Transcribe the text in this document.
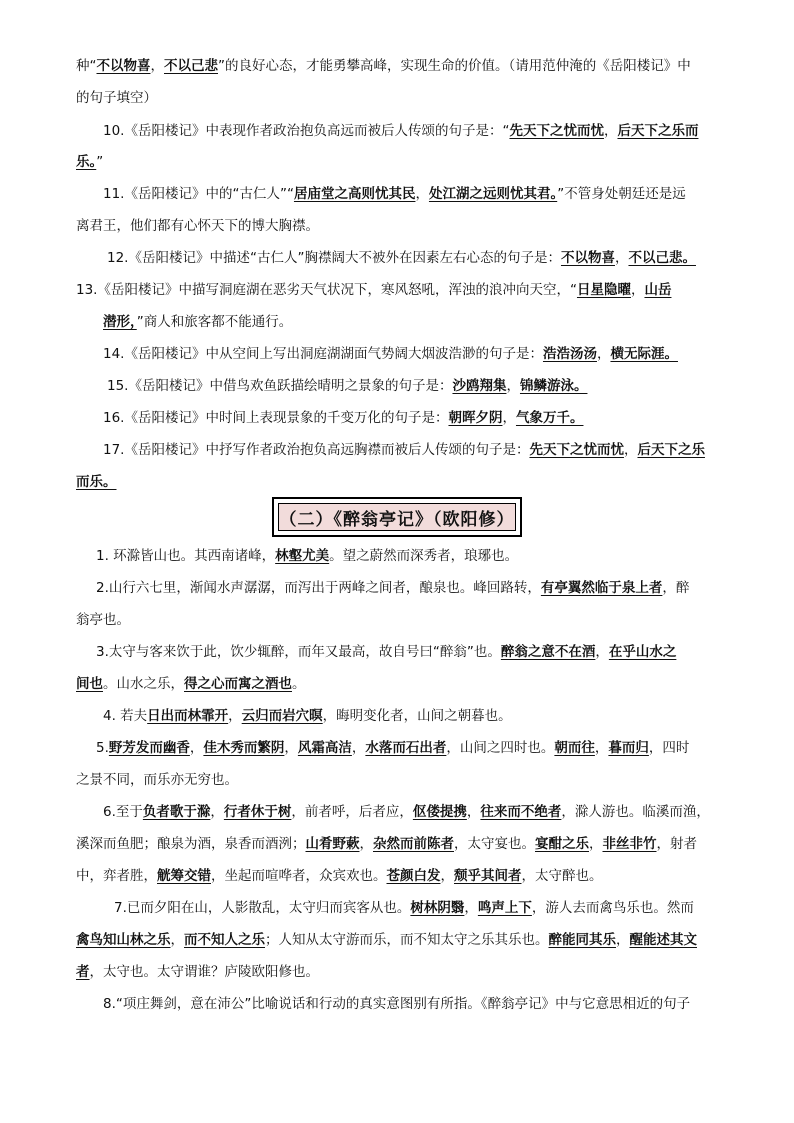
种“不以物喜，不以己悲”的良好心态，才能勇攀高峰，实现生命的价值。（请用范仲淹的《岳阳楼记》中
的句子填空）
10.《岳阳楼记》中表现作者政治抱负高远而被后人传颂的句子是：“先天下之忧而忧，后天下之乐而
乐。”
11.《岳阳楼记》中的“古仁人”“居庙堂之高则忧其民，处江湖之远则忧其君。”不管身处朝廷还是远
离君王，他们都有心怀天下的博大胸襟。
12.《岳阳楼记》中描述“古仁人”胸襟阔大不被外在因素左右心态的句子是：不以物喜，不以己悲。
13.《岳阳楼记》中描写洞庭湖在恶劣天气状况下，寒风怒吼，浑浊的浪冲向天空，“日星隐曜，山岳
潜形，”商人和旅客都不能通行。
14.《岳阳楼记》中从空间上写出洞庭湖湖面气势阔大烟波浩渺的句子是：浩浩汤汤，横无际涯。
15.《岳阳楼记》中借鸟欢鱼跃描绘晴明之景象的句子是：沙鸥翔集，锦鳞游泳。
16.《岳阳楼记》中时间上表现景象的千变万化的句子是：朝晖夕阴，气象万千。
17.《岳阳楼记》中抒写作者政治抱负高远胸襟而被后人传颂的句子是：先天下之忧而忧，后天下之乐
而乐。
（二）《醉翁亭记》（欧阳修）
1. 环滁皆山也。其西南诸峰，林壑尤美。望之蔚然而深秀者，琅琊也。
2.山行六七里，渐闻水声潺潺，而泻出于两峰之间者，酿泉也。峰回路转，有亭翼然临于泉上者，醉
翁亭也。
3.太守与客来饮于此，饮少辄醉，而年又最高，故自号曰“醉翁”也。醉翁之意不在酒，在乎山水之
间也。山水之乐，得之心而寓之酒也。
4. 若夫日出而林霏开，云归而岩穴暝，晦明变化者，山间之朝暮也。
5.野芳发而幽香，佳木秀而繁阴，风霜高洁，水落而石出者，山间之四时也。朝而往，暮而归，四时
之景不同，而乐亦无穷也。
6.至于负者歌于滁，行者休于树，前者呼，后者应，伛偻提携，往来而不绝者，滁人游也。临溪而渔，
溪深而鱼肥；酿泉为酒，泉香而酒洌；山肴野蔌，杂然而前陈者，太守宴也。宴酣之乐，非丝非竹，射者
中，弈者胜，觥筹交错，坐起而喧哗者，众宾欢也。苍颜白发，颓乎其间者，太守醉也。
7.已而夕阳在山，人影散乱，太守归而宾客从也。树林阴翳，鸣声上下，游人去而禽鸟乐也。然而
禽鸟知山林之乐，而不知人之乐；人知从太守游而乐，而不知太守之乐其乐也。醉能同其乐，醒能述其文
者，太守也。太守谓谁？庐陵欧阳修也。
8.“项庄舞剑，意在沛公”比喻说话和行动的真实意图别有所指。《醉翁亭记》中与它意思相近的句子
